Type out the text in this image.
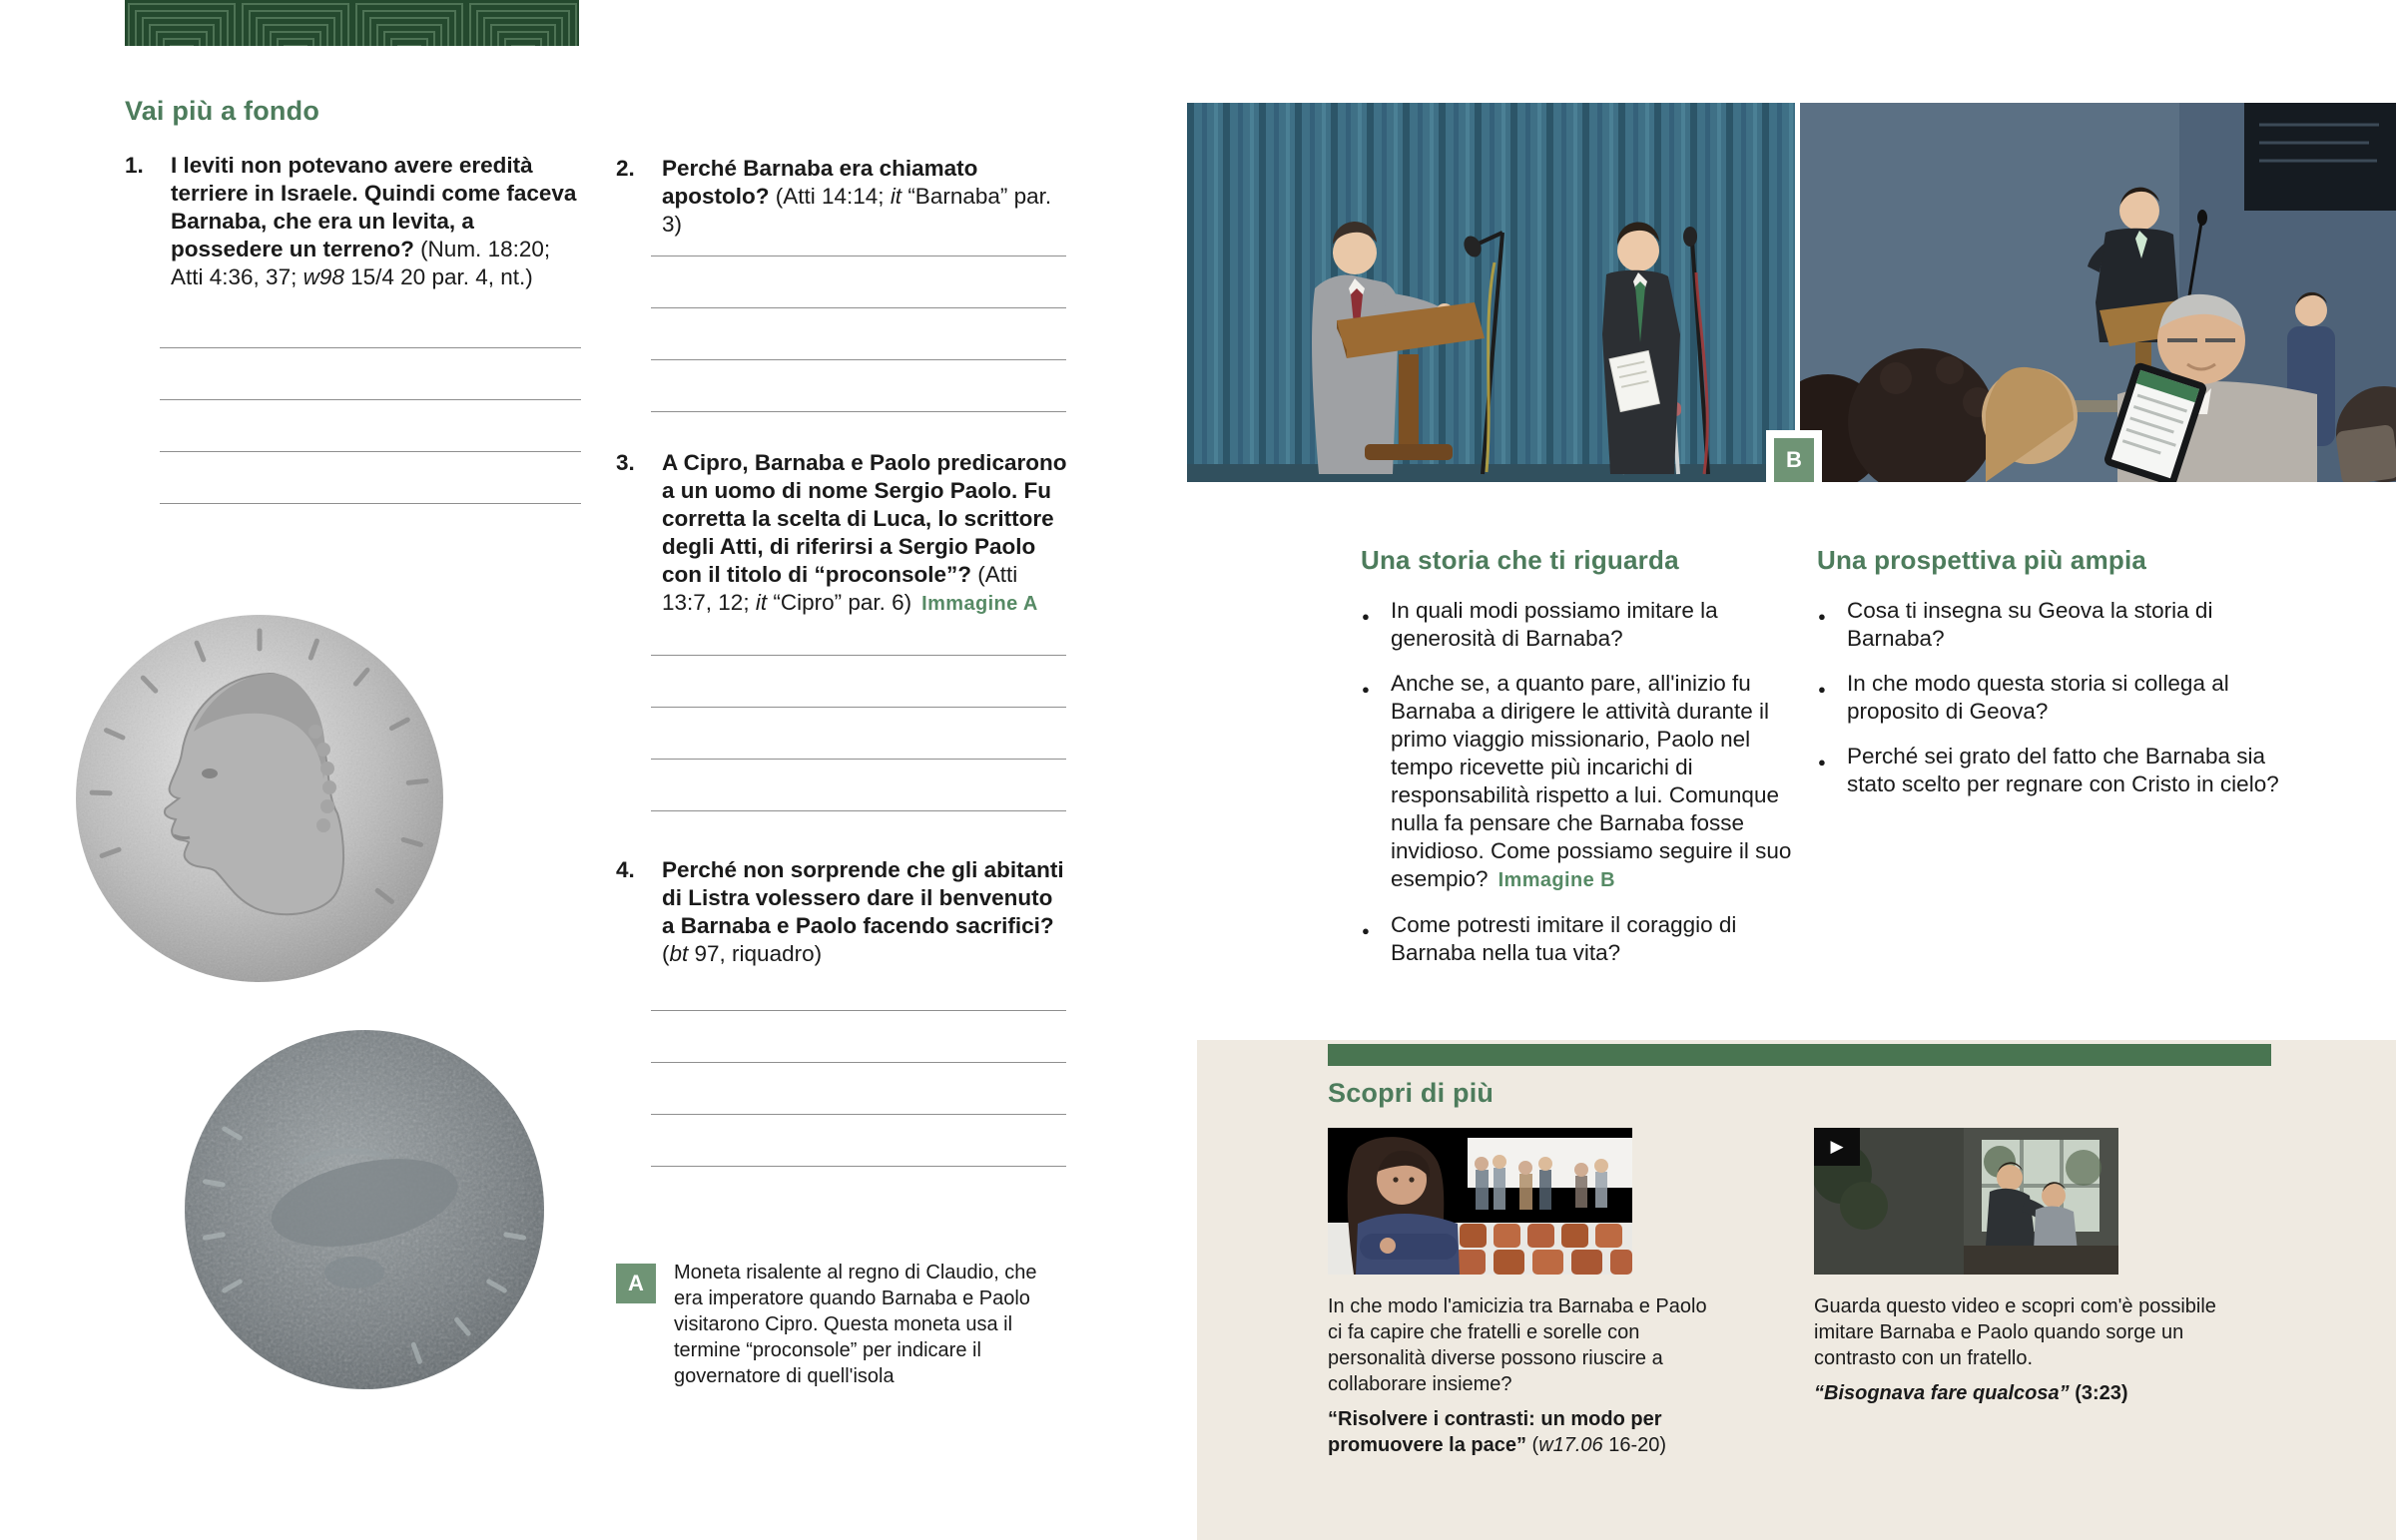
Vai più a fondo
1.	I leviti non potevano avere eredità terriere in Israele. Quindi come faceva Barnaba, che era un levita, a possedere un terreno? (Num. 18:20; Atti 4:36, 37; w98 15/4 20 par. 4, nt.)

2.	Perché Barnaba era chiamato apostolo? (Atti 14:14; it “Barnaba” par. 3)

3.	A Cipro, Barnaba e Paolo predicarono a un uomo di nome Sergio Paolo. Fu corretta la scelta di Luca, lo scrittore degli Atti, di riferirsi a Sergio Paolo con il titolo di “proconsole”? (Atti 13:7, 12; it “Cipro” par. 6) Immagine A

4.	Perché non sorprende che gli abitanti di Listra volessero dare il benvenuto a Barnaba e Paolo facendo sacrifici? (bt 97, riquadro)

A	Moneta risalente al regno di Claudio, che era imperatore quando Barnaba e Paolo visitarono Cipro. Questa moneta usa il termine “proconsole” per indicare il governatore di quell'isola

B
Una storia che ti riguarda
● In quali modi possiamo imitare la generosità di Barnaba?
● Anche se, a quanto pare, all'inizio fu Barnaba a dirigere le attività durante il primo viaggio missionario, Paolo nel tempo ricevette più incarichi di responsabilità rispetto a lui. Comunque nulla fa pensare che Barnaba fosse invidioso. Come possiamo seguire il suo esempio? Immagine B
● Come potresti imitare il coraggio di Barnaba nella tua vita?
Una prospettiva più ampia
● Cosa ti insegna su Geova la storia di Barnaba?
● In che modo questa storia si collega al proposito di Geova?
● Perché sei grato del fatto che Barnaba sia stato scelto per regnare con Cristo in cielo?
Scopri di più
▶

In che modo l'amicizia tra Barnaba e Paolo ci fa capire che fratelli e sorelle con personalità diverse possono riuscire a collaborare insieme?

“Risolvere i contrasti: un modo per promuovere la pace” (w17.06 16-20)

Guarda questo video e scopri com'è possibile imitare Barnaba e Paolo quando sorge un contrasto con un fratello.

“Bisognava fare qualcosa” (3:23)
